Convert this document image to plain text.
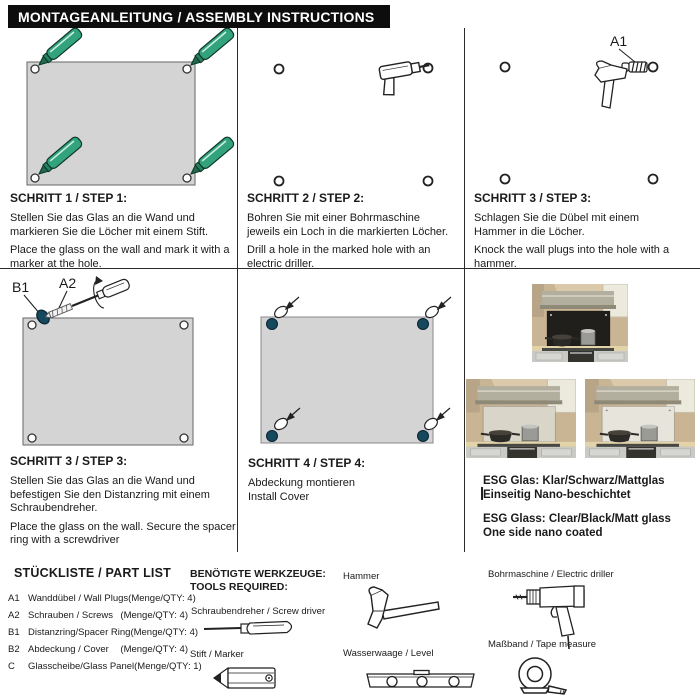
MONTAGEANLEITUNG / ASSEMBLY INSTRUCTIONS
A1
B1 A2
SCHRITT 1 / STEP 1:

Stellen Sie das Glas an die Wand und markieren Sie die Löcher mit einem Stift.

Place the glass on the wall and mark it with a marker at the hole.

SCHRITT 2 / STEP 2:

Bohren Sie mit einer Bohrmaschine jeweils ein Loch in die markierten Löcher.

Drill a hole in the marked hole with an electric driller.

SCHRITT 3 / STEP 3:

Schlagen Sie die Dübel mit einem Hammer in die Löcher.

Knock the wall plugs into the hole with a hammer.

SCHRITT 3 / STEP 3:

Stellen Sie das Glas an die Wand und befestigen Sie den Distanzring mit einem Schraubendreher.

Place the glass on the wall. Secure the spacer ring with a screwdriver

SCHRITT 4 / STEP 4:

Abdeckung montieren

Install Cover

ESG Glas: Klar/Schwarz/Mattglas
Einseitig Nano-beschichtet
ESG Glass: Clear/Black/Matt glass
One side nano coated
STÜCKLISTE / PART LIST
A1 Wanddübel / Wall Plugs (Menge/QTY: 4)
A2 Schrauben / Screws (Menge/QTY: 4)
B1 Distanzring/Spacer Ring (Menge/QTY: 4)
B2 Abdeckung / Cover (Menge/QTY: 4)
C	Glasscheibe/Glass Panel (Menge/QTY: 1)
BENÖTIGTE WERKZEUGE:
TOOLS REQUIRED:
Schraubendreher / Screw driver
Stift / Marker
Hammer
Wasserwaage / Level
Bohrmaschine / Electric driller
Maßband / Tape measure
